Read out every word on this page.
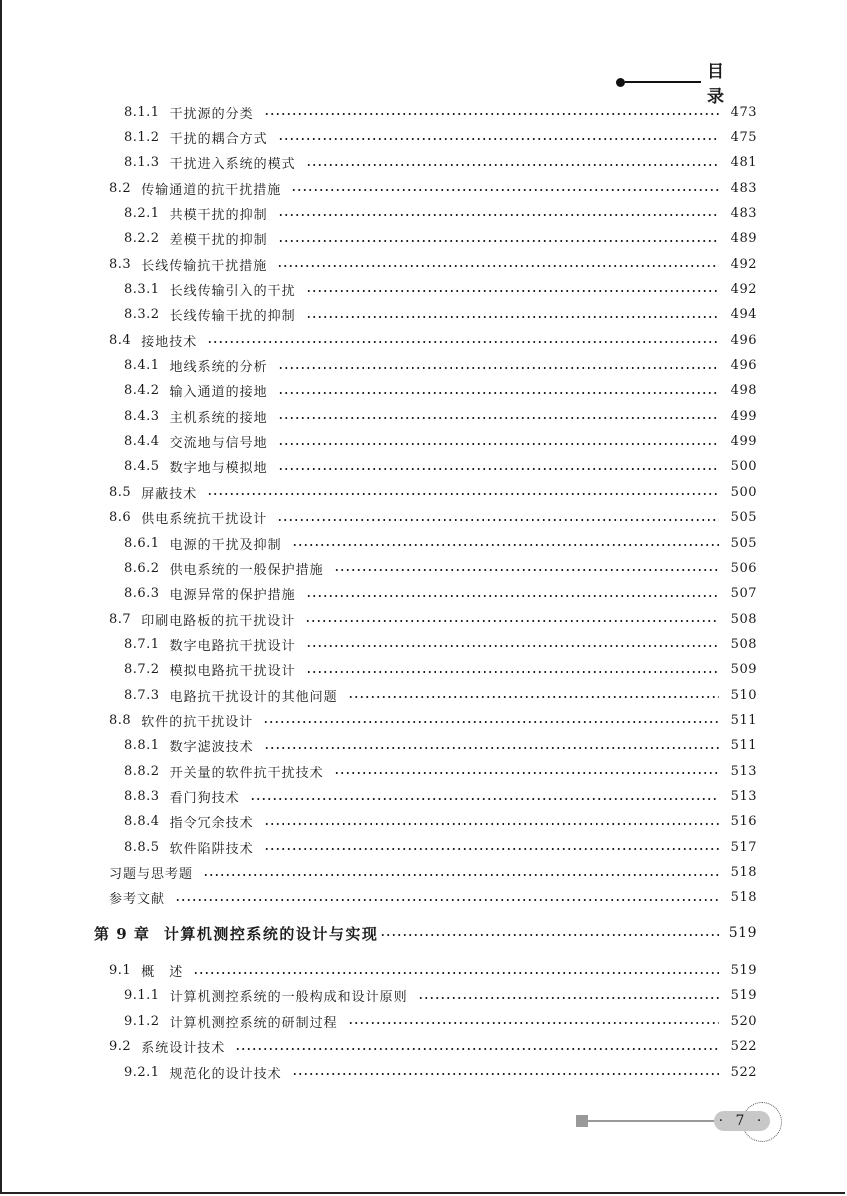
目 录
8.1.1 干扰源的分类	473
8.1.2 干扰的耦合方式	475
8.1.3 干扰进入系统的模式	481
8.2 传输通道的抗干扰措施	483
8.2.1 共模干扰的抑制	483
8.2.2 差模干扰的抑制	489
8.3 长线传输抗干扰措施	492
8.3.1 长线传输引入的干扰	492
8.3.2 长线传输干扰的抑制	494
8.4 接地技术	496
8.4.1 地线系统的分析	496
8.4.2 输入通道的接地	498
8.4.3 主机系统的接地	499
8.4.4 交流地与信号地	499
8.4.5 数字地与模拟地	500
8.5 屏蔽技术	500
8.6 供电系统抗干扰设计	505
8.6.1 电源的干扰及抑制	505
8.6.2 供电系统的一般保护措施	506
8.6.3 电源异常的保护措施	507
8.7 印刷电路板的抗干扰设计	508
8.7.1 数字电路抗干扰设计	508
8.7.2 模拟电路抗干扰设计	509
8.7.3 电路抗干扰设计的其他问题	510
8.8 软件的抗干扰设计	511
8.8.1 数字滤波技术	511
8.8.2 开关量的软件抗干扰技术	513
8.8.3 看门狗技术	513
8.8.4 指令冗余技术	516
8.8.5 软件陷阱技术	517
习题与思考题	518
参考文献	518
第 9 章 计算机测控系统的设计与实现	519
9.1 概　述	519
9.1.1 计算机测控系统的一般构成和设计原则	519
9.1.2 计算机测控系统的研制过程	520
9.2 系统设计技术	522
9.2.1 规范化的设计技术	522
· 7 ·
